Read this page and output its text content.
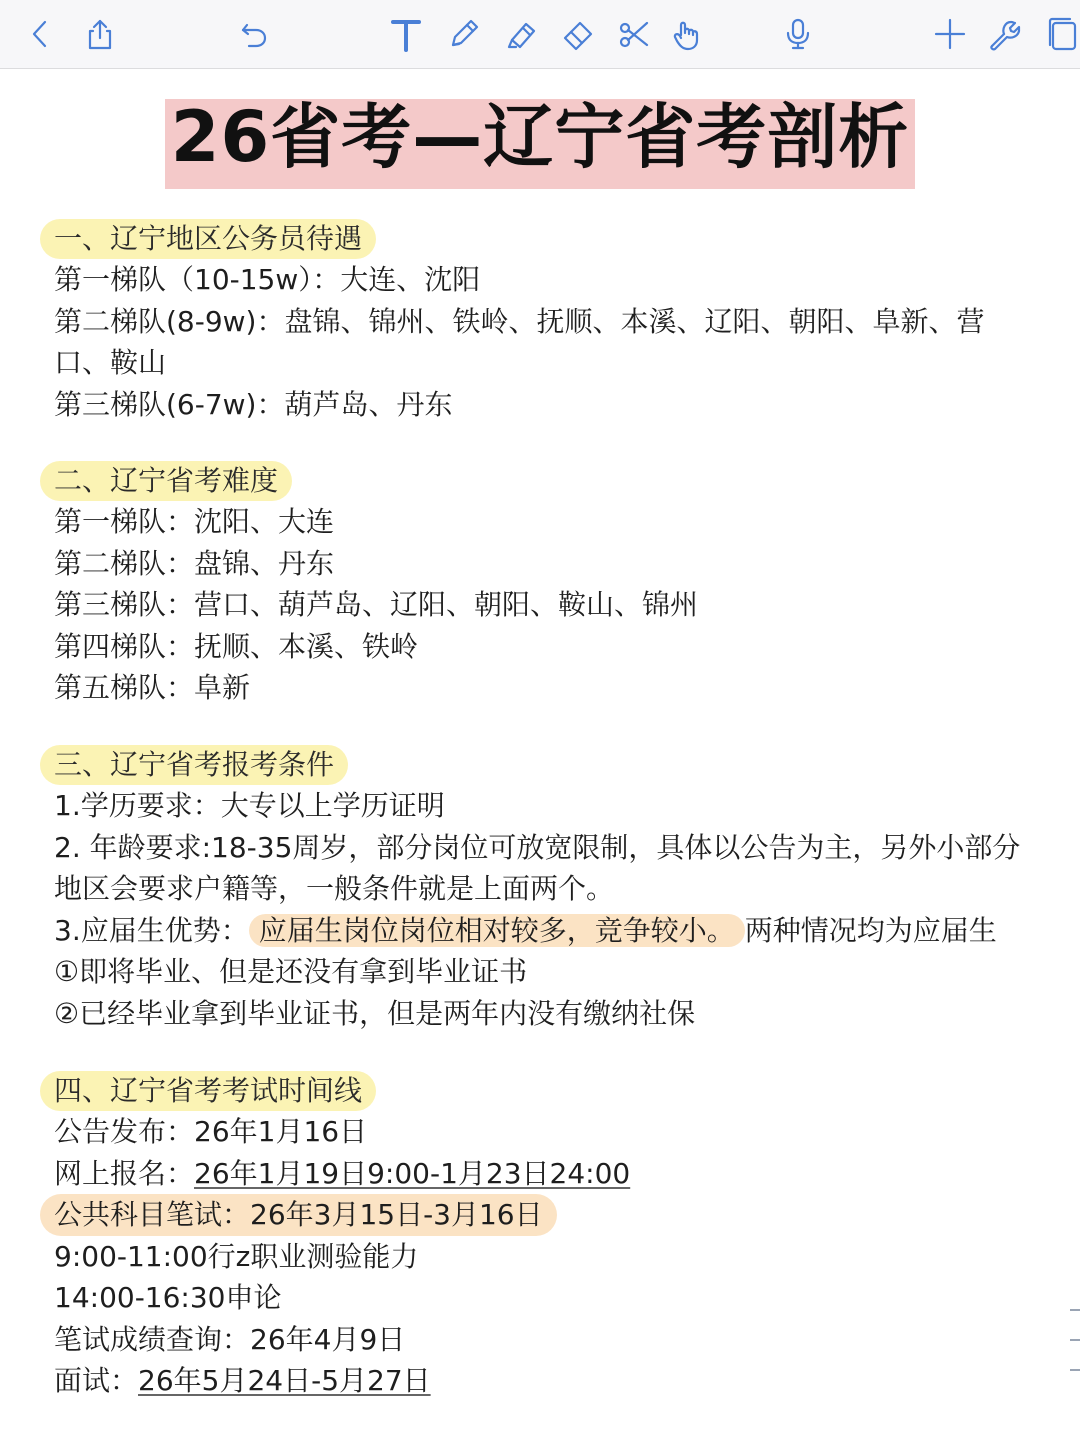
26省考—辽宁省考剖析
一、辽宁地区公务员待遇
第一梯队（10-15w）：大连、沈阳
第二梯队(8-9w)：盘锦、锦州、铁岭、抚顺、本溪、辽阳、朝阳、阜新、营口、鞍山
第三梯队(6-7w)：葫芦岛、丹东
二、辽宁省考难度
第一梯队：沈阳、大连
第二梯队：盘锦、丹东
第三梯队：营口、葫芦岛、辽阳、朝阳、鞍山、锦州
第四梯队：抚顺、本溪、铁岭
第五梯队：阜新
三、辽宁省考报考条件
1.学历要求：大专以上学历证明
2. 年龄要求:18-35周岁，部分岗位可放宽限制，具体以公告为主，另外小部分地区会要求户籍等，一般条件就是上面两个。
3.应届生优势： 应届生岗位岗位相对较多，竞争较小。 两种情况均为应届生
①即将毕业、但是还没有拿到毕业证书
②已经毕业拿到毕业证书，但是两年内没有缴纳社保
四、辽宁省考考试时间线
公告发布：26年1月16日
网上报名：26年1月19日9:00-1月23日24:00
公共科目笔试：26年3月15日-3月16日
9:00-11:00行z职业测验能力
14:00-16:30申论
笔试成绩查询：26年4月9日
面试：26年5月24日-5月27日
